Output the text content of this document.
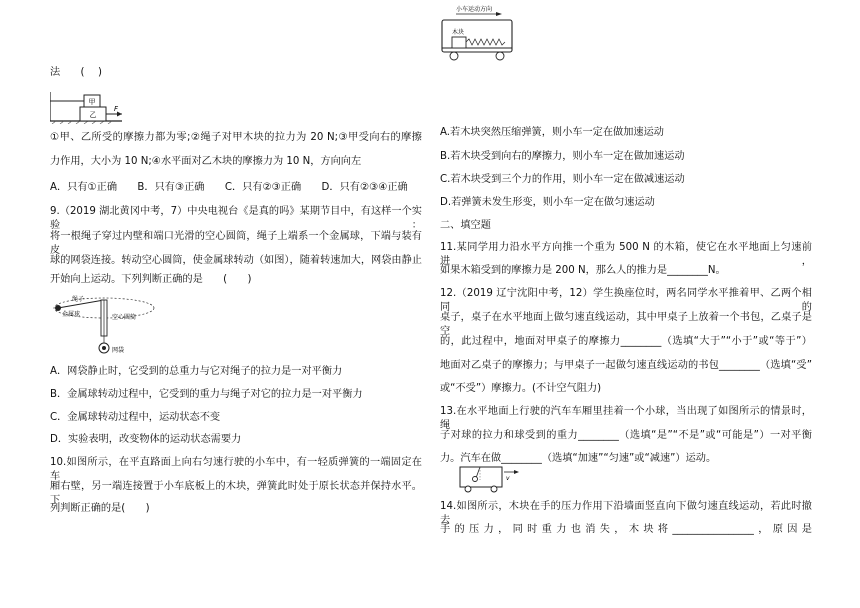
法　　(　 )
甲
乙
F
①甲、乙所受的摩擦力都为零;②绳子对甲木块的拉力为 20 N;③甲受向右的摩擦
力作用，大小为 10 N;④水平面对乙木块的摩擦力为 10 N，方向向左
A．只有①正确　　B．只有③正确　　C．只有②③正确　　D．只有②③④正确
9.（2019 湖北黄冈中考，7）中央电视台《是真的吗》某期节目中，有这样一个实验：
将一根绳子穿过内壁和端口光滑的空心圆筒，绳子上端系一个金属球，下端与装有皮
球的网袋连接。转动空心圆筒，使金属球转动（如图），随着转速加大，网袋由静止
开始向上运动。下列判断正确的是　　(　　)
绳子
金属球	空心圆筒
网袋
A．网袋静止时，它受到的总重力与它对绳子的拉力是一对平衡力
B．金属球转动过程中，它受到的重力与绳子对它的拉力是一对平衡力
C．金属球转动过程中，运动状态不变
D．实验表明，改变物体的运动状态需要力
10.如图所示，在平直路面上向右匀速行驶的小车中，有一轻质弹簧的一端固定在车
厢右壁，另一端连接置于小车底板上的木块，弹簧此时处于原长状态并保持水平。下
列判断正确的是(　　)
小车运动方向
木块
A.若木块突然压缩弹簧，则小车一定在做加速运动
B.若木块受到向右的摩擦力，则小车一定在做加速运动
C.若木块受到三个力的作用，则小车一定在做减速运动
D.若弹簧未发生形变，则小车一定在做匀速运动
二、填空题
11.某同学用力沿水平方向推一个重为 500 N 的木箱，使它在水平地面上匀速前进，
如果木箱受到的摩擦力是 200 N，那么人的推力是________N。
12.（2019 辽宁沈阳中考，12）学生换座位时，两名同学水平推着甲、乙两个相同的
桌子，桌子在水平地面上做匀速直线运动，其中甲桌子上放着一个书包，乙桌子是空
的，此过程中，地面对甲桌子的摩擦力________（选填“大于”“小于”或“等于”）
地面对乙桌子的摩擦力；与甲桌子一起做匀速直线运动的书包________（选填“受”
或“不受”）摩擦力。(不计空气阻力)
13.在水平地面上行驶的汽车车厢里挂着一个小球，当出现了如图所示的情景时，绳
子对球的拉力和球受到的重力________（选填“是”“不是”或“可能是”）一对平衡
力。汽车在做________（选填“加速”“匀速”或“减速”）运动。
v
14.如图所示，木块在手的压力作用下沿墙面竖直向下做匀速直线运动，若此时撤去
手的压力，同时重力也消失，木块将________________，原因是
